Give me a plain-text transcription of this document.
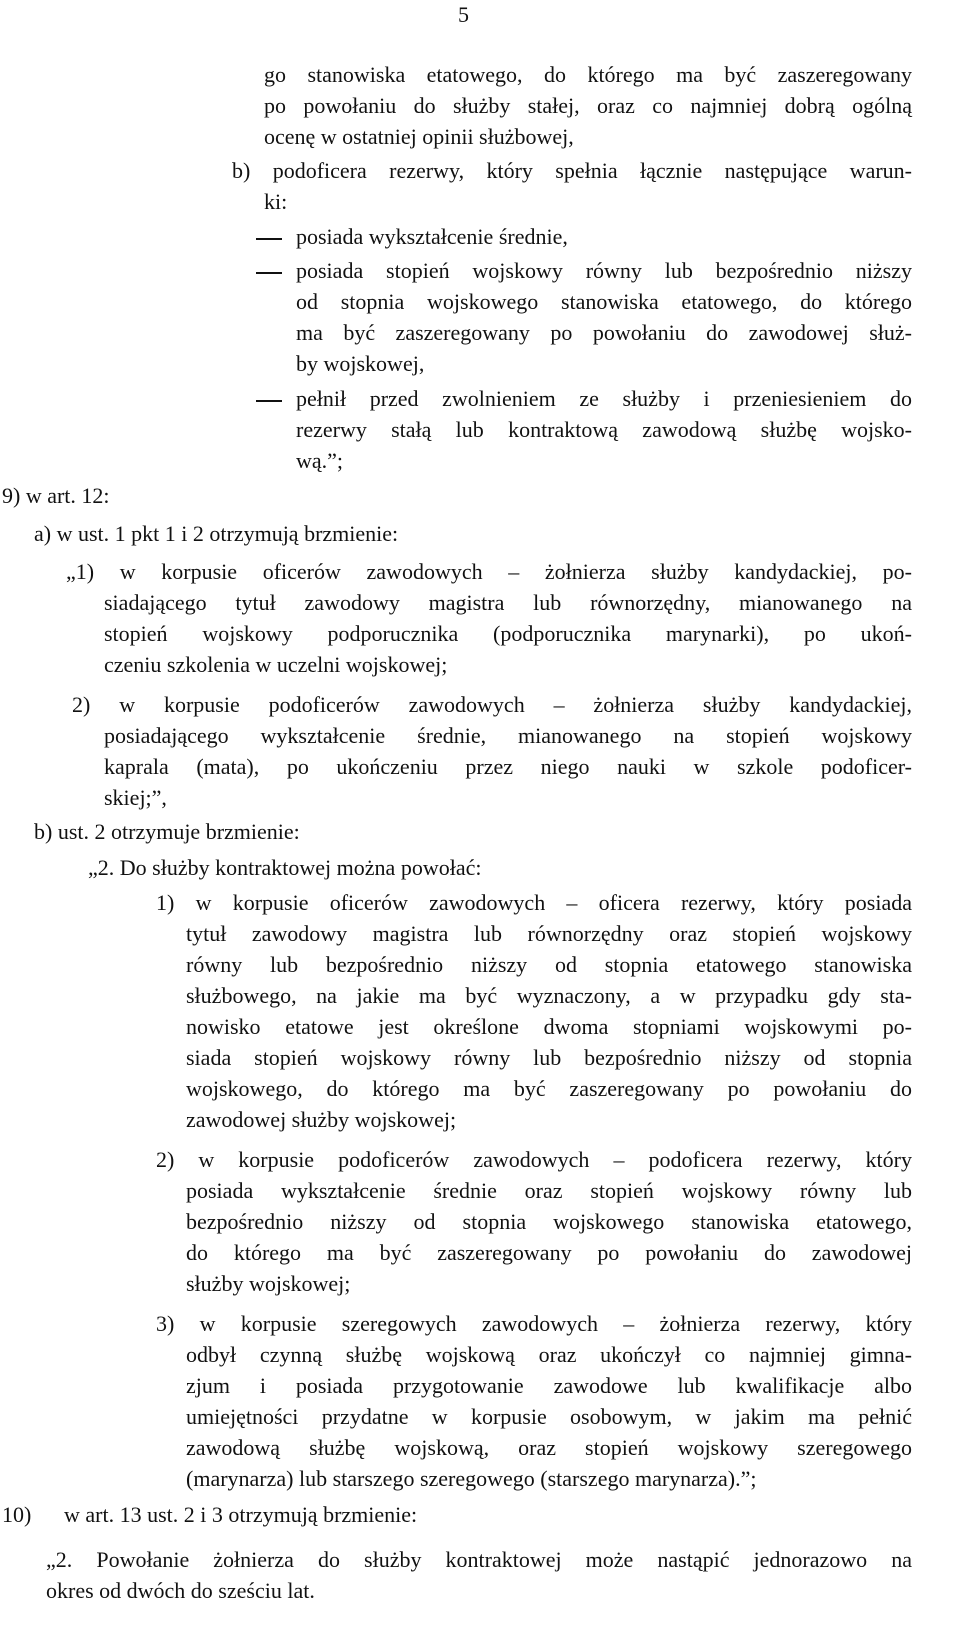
5
go stanowiska etatowego, do którego ma być zaszeregowany
po powołaniu do służby stałej, oraz co najmniej dobrą ogólną
ocenę w ostatniej opinii służbowej,
b) podoficera rezerwy, który spełnia łącznie następujące warun-
ki:
posiada wykształcenie średnie,
posiada stopień wojskowy równy lub bezpośrednio niższy
od stopnia wojskowego stanowiska etatowego, do którego
ma być zaszeregowany po powołaniu do zawodowej służ-
by wojskowej,
pełnił przed zwolnieniem ze służby i przeniesieniem do
rezerwy stałą lub kontraktową zawodową służbę wojsko-
wą.”;
9) w art. 12:
a) w ust. 1 pkt 1 i 2 otrzymują brzmienie:
„1) w korpusie oficerów zawodowych – żołnierza służby kandydackiej, po-
siadającego tytuł zawodowy magistra lub równorzędny, mianowanego na
stopień wojskowy podporucznika (podporucznika marynarki), po ukoń-
czeniu szkolenia w uczelni wojskowej;
2) w korpusie podoficerów zawodowych – żołnierza służby kandydackiej,
posiadającego wykształcenie średnie, mianowanego na stopień wojskowy
kaprala (mata), po ukończeniu przez niego nauki w szkole podoficer-
skiej;”,
b) ust. 2 otrzymuje brzmienie:
„2. Do służby kontraktowej można powołać:
1) w korpusie oficerów zawodowych – oficera rezerwy, który posiada
tytuł zawodowy magistra lub równorzędny oraz stopień wojskowy
równy lub bezpośrednio niższy od stopnia etatowego stanowiska
służbowego, na jakie ma być wyznaczony, a w przypadku gdy sta-
nowisko etatowe jest określone dwoma stopniami wojskowymi po-
siada stopień wojskowy równy lub bezpośrednio niższy od stopnia
wojskowego, do którego ma być zaszeregowany po powołaniu do
zawodowej służby wojskowej;
2) w korpusie podoficerów zawodowych – podoficera rezerwy, który
posiada wykształcenie średnie oraz stopień wojskowy równy lub
bezpośrednio niższy od stopnia wojskowego stanowiska etatowego,
do którego ma być zaszeregowany po powołaniu do zawodowej
służby wojskowej;
3) w korpusie szeregowych zawodowych – żołnierza rezerwy, który
odbył czynną służbę wojskową oraz ukończył co najmniej gimna-
zjum i posiada przygotowanie zawodowe lub kwalifikacje albo
umiejętności przydatne w korpusie osobowym, w jakim ma pełnić
zawodową służbę wojskową, oraz stopień wojskowy szeregowego
(marynarza) lub starszego szeregowego (starszego marynarza).”;
10) w art. 13 ust. 2 i 3 otrzymują brzmienie:
„2. Powołanie żołnierza do służby kontraktowej może nastąpić jednorazowo na
okres od dwóch do sześciu lat.
